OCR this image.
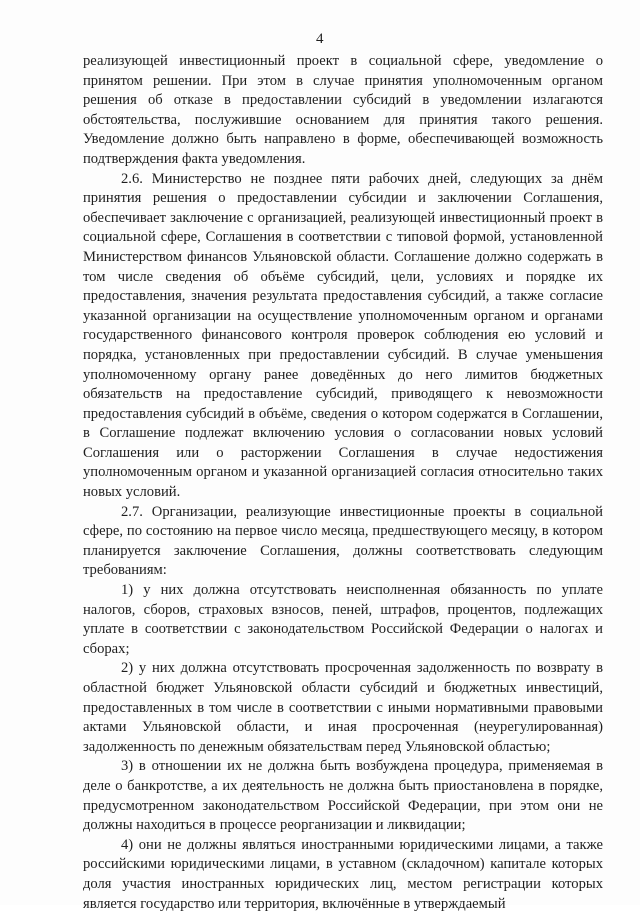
4

реализующей инвестиционный проект в социальной сфере, уведомление о принятом решении. При этом в случае принятия уполномоченным органом решения об отказе в предоставлении субсидий в уведомлении излагаются обстоятельства, послужившие основанием для принятия такого решения. Уведомление должно быть направлено в форме, обеспечивающей возможность подтверждения факта уведомления.

2.6. Министерство не позднее пяти рабочих дней, следующих за днём принятия решения о предоставлении субсидии и заключении Соглашения, обеспечивает заключение с организацией, реализующей инвестиционный проект в социальной сфере, Соглашения в соответствии с типовой формой, установленной Министерством финансов Ульяновской области. Соглашение должно содержать в том числе сведения об объёме субсидий, цели, условиях и порядке их предоставления, значения результата предоставления субсидий, а также согласие указанной организации на осуществление уполномоченным органом и органами государственного финансового контроля проверок соблюдения ею условий и порядка, установленных при предоставлении субсидий. В случае уменьшения уполномоченному органу ранее доведённых до него лимитов бюджетных обязательств на предоставление субсидий, приводящего к невозможности предоставления субсидий в объёме, сведения о котором содержатся в Соглашении, в Соглашение подлежат включению условия о согласовании новых условий Соглашения или о расторжении Соглашения в случае недостижения уполномоченным органом и указанной организацией согласия относительно таких новых условий.

2.7. Организации, реализующие инвестиционные проекты в социальной сфере, по состоянию на первое число месяца, предшествующего месяцу, в котором планируется заключение Соглашения, должны соответствовать следующим требованиям:

1) у них должна отсутствовать неисполненная обязанность по уплате налогов, сборов, страховых взносов, пеней, штрафов, процентов, подлежащих уплате в соответствии с законодательством Российской Федерации о налогах и сборах;

2) у них должна отсутствовать просроченная задолженность по возврату в областной бюджет Ульяновской области субсидий и бюджетных инвестиций, предоставленных в том числе в соответствии с иными нормативными правовыми актами Ульяновской области, и иная просроченная (неурегулированная) задолженность по денежным обязательствам перед Ульяновской областью;

3) в отношении их не должна быть возбуждена процедура, применяемая в деле о банкротстве, а их деятельность не должна быть приостановлена в порядке, предусмотренном законодательством Российской Федерации, при этом они не должны находиться в процессе реорганизации и ликвидации;

4) они не должны являться иностранными юридическими лицами, а также российскими юридическими лицами, в уставном (складочном) капитале которых доля участия иностранных юридических лиц, местом регистрации которых является государство или территория, включённые в утверждаемый
